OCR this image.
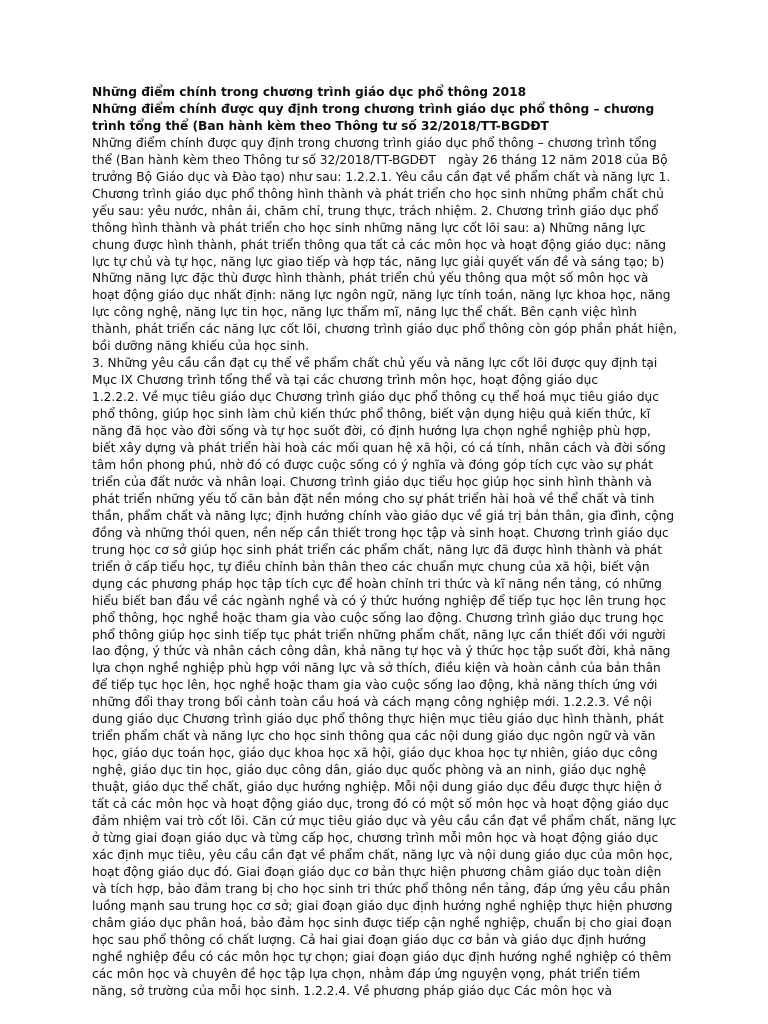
Những điểm chính trong chương trình giáo dục phổ thông 2018

Những điểm chính được quy định trong chương trình giáo dục phổ thông – chương trình tổng thể (Ban hành kèm theo Thông tư số 32/2018/TT-BGDĐT

Những điểm chính được quy định trong chương trình giáo dục phổ thông – chương trình tổng thể (Ban hành kèm theo Thông tư số 32/2018/TT-BGDĐT ngày 26 tháng 12 năm 2018 của Bộ trưởng Bộ Giáo dục và Đào tạo) như sau: 1.2.2.1. Yêu cầu cần đạt về phẩm chất và năng lực 1. Chương trình giáo dục phổ thông hình thành và phát triển cho học sinh những phẩm chất chủ yếu sau: yêu nước, nhân ái, chăm chỉ, trung thực, trách nhiệm. 2. Chương trình giáo dục phổ thông hình thành và phát triển cho học sinh những năng lực cốt lõi sau: a) Những năng lực chung được hình thành, phát triển thông qua tất cả các môn học và hoạt động giáo dục: năng lực tự chủ và tự học, năng lực giao tiếp và hợp tác, năng lực giải quyết vấn đề và sáng tạo; b) Những năng lực đặc thù được hình thành, phát triển chủ yếu thông qua một số môn học và hoạt động giáo dục nhất định: năng lực ngôn ngữ, năng lực tính toán, năng lực khoa học, năng lực công nghệ, năng lực tin học, năng lực thẩm mĩ, năng lực thể chất. Bên cạnh việc hình thành, phát triển các năng lực cốt lõi, chương trình giáo dục phổ thông còn góp phần phát hiện, bồi dưỡng năng khiếu của học sinh.

3. Những yêu cầu cần đạt cụ thể về phẩm chất chủ yếu và năng lực cốt lõi được quy định tại Mục IX Chương trình tổng thể và tại các chương trình môn học, hoạt động giáo dục

1.2.2.2. Về mục tiêu giáo dục Chương trình giáo dục phổ thông cụ thể hoá mục tiêu giáo dục phổ thông, giúp học sinh làm chủ kiến thức phổ thông, biết vận dụng hiệu quả kiến thức, kĩ năng đã học vào đời sống và tự học suốt đời, có định hướng lựa chọn nghề nghiệp phù hợp, biết xây dựng và phát triển hài hoà các mối quan hệ xã hội, có cá tính, nhân cách và đời sống tâm hồn phong phú, nhờ đó có được cuộc sống có ý nghĩa và đóng góp tích cực vào sự phát triển của đất nước và nhân loại. Chương trình giáo dục tiểu học giúp học sinh hình thành và phát triển những yếu tố căn bản đặt nền móng cho sự phát triển hài hoà về thể chất và tinh thần, phẩm chất và năng lực; định hướng chính vào giáo dục về giá trị bản thân, gia đình, cộng đồng và những thói quen, nền nếp cần thiết trong học tập và sinh hoạt. Chương trình giáo dục trung học cơ sở giúp học sinh phát triển các phẩm chất, năng lực đã được hình thành và phát triển ở cấp tiểu học, tự điều chỉnh bản thân theo các chuẩn mực chung của xã hội, biết vận dụng các phương pháp học tập tích cực để hoàn chỉnh tri thức và kĩ năng nền tảng, có những hiểu biết ban đầu về các ngành nghề và có ý thức hướng nghiệp để tiếp tục học lên trung học phổ thông, học nghề hoặc tham gia vào cuộc sống lao động. Chương trình giáo dục trung học phổ thông giúp học sinh tiếp tục phát triển những phẩm chất, năng lực cần thiết đối với người lao động, ý thức và nhân cách công dân, khả năng tự học và ý thức học tập suốt đời, khả năng lựa chọn nghề nghiệp phù hợp với năng lực và sở thích, điều kiện và hoàn cảnh của bản thân để tiếp tục học lên, học nghề hoặc tham gia vào cuộc sống lao động, khả năng thích ứng với những đổi thay trong bối cảnh toàn cầu hoá và cách mạng công nghiệp mới. 1.2.2.3. Về nội dung giáo dục Chương trình giáo dục phổ thông thực hiện mục tiêu giáo dục hình thành, phát triển phẩm chất và năng lực cho học sinh thông qua các nội dung giáo dục ngôn ngữ và văn học, giáo dục toán học, giáo dục khoa học xã hội, giáo dục khoa học tự nhiên, giáo dục công nghệ, giáo dục tin học, giáo dục công dân, giáo dục quốc phòng và an ninh, giáo dục nghệ thuật, giáo dục thể chất, giáo dục hướng nghiệp. Mỗi nội dung giáo dục đều được thực hiện ở tất cả các môn học và hoạt động giáo dục, trong đó có một số môn học và hoạt động giáo dục đảm nhiệm vai trò cốt lõi. Căn cứ mục tiêu giáo dục và yêu cầu cần đạt về phẩm chất, năng lực ở từng giai đoạn giáo dục và từng cấp học, chương trình mỗi môn học và hoạt động giáo dục xác định mục tiêu, yêu cầu cần đạt về phẩm chất, năng lực và nội dung giáo dục của môn học, hoạt động giáo dục đó. Giai đoạn giáo dục cơ bản thực hiện phương châm giáo dục toàn diện và tích hợp, bảo đảm trang bị cho học sinh tri thức phổ thông nền tảng, đáp ứng yêu cầu phân luồng mạnh sau trung học cơ sở; giai đoạn giáo dục định hướng nghề nghiệp thực hiện phương châm giáo dục phân hoá, bảo đảm học sinh được tiếp cận nghề nghiệp, chuẩn bị cho giai đoạn học sau phổ thông có chất lượng. Cả hai giai đoạn giáo dục cơ bản và giáo dục định hướng nghề nghiệp đều có các môn học tự chọn; giai đoạn giáo dục định hướng nghề nghiệp có thêm các môn học và chuyên đề học tập lựa chọn, nhằm đáp ứng nguyện vọng, phát triển tiềm năng, sở trường của mỗi học sinh. 1.2.2.4. Về phương pháp giáo dục Các môn học và
